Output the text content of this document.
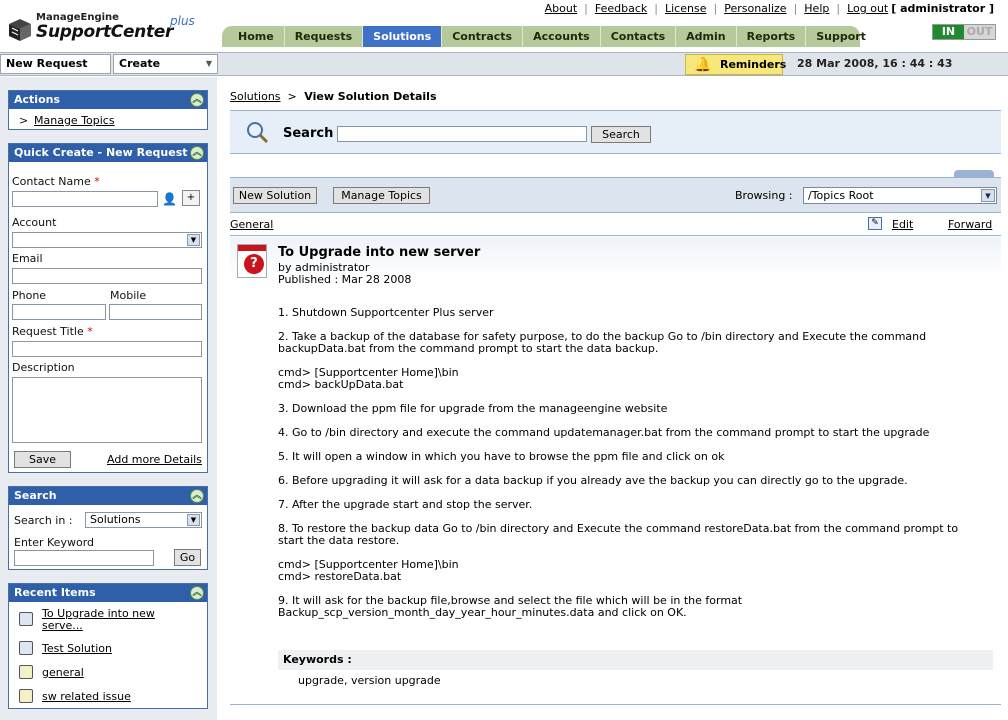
ManageEngine
SupportCenter
plus
About | Feedback | License | Personalize | Help | Log out [ administrator ]
Home	Requests	Solutions	Contracts	Accounts	Contacts	Admin	Reports	Support	IN	OUT
New Request	Create	▼	🔔 Reminders 28 Mar 2008, 16 : 44 : 43
Actions	︽
> Manage Topics
Quick Create - New Request ︽
Contact Name *
👤 +
Account
▼
Email
Phone	Mobile
Request Title *
Description
Save	Add more Details
Search	︽
Search in :	Solutions	▼
Enter Keyword
Go
Recent Items	︽
To Upgrade into new serve...
Test Solution
general
sw related issue
Solutions  > View Solution Details
Search	Search
New Solution	Manage Topics	Browsing :	/Topics Root	▼
General	✎ Edit	Forward
?
To Upgrade into new server
by administrator
Published : Mar 28 2008

1. Shutdown Supportcenter Plus server

2. Take a backup of the database for safety purpose, to do the backup Go to /bin directory and Execute the command
backupData.bat from the command prompt to start the data backup.

cmd> [Supportcenter Home]\bin
cmd> backUpData.bat

3. Download the ppm file for upgrade from the manageengine website

4. Go to /bin directory and execute the command updatemanager.bat from the command prompt to start the upgrade

5. It will open a window in which you have to browse the ppm file and click on ok

6. Before upgrading it will ask for a data backup if you already ave the backup you can directly go to the upgrade.

7. After the upgrade start and stop the server.

8. To restore the backup data Go to /bin directory and Execute the command restoreData.bat from the command prompt to
start the data restore.

cmd> [Supportcenter Home]\bin
cmd> restoreData.bat

9. It will ask for the backup file,browse and select the file which will be in the format
Backup_scp_version_month_day_year_hour_minutes.data and click on OK.

Keywords :
upgrade, version upgrade
